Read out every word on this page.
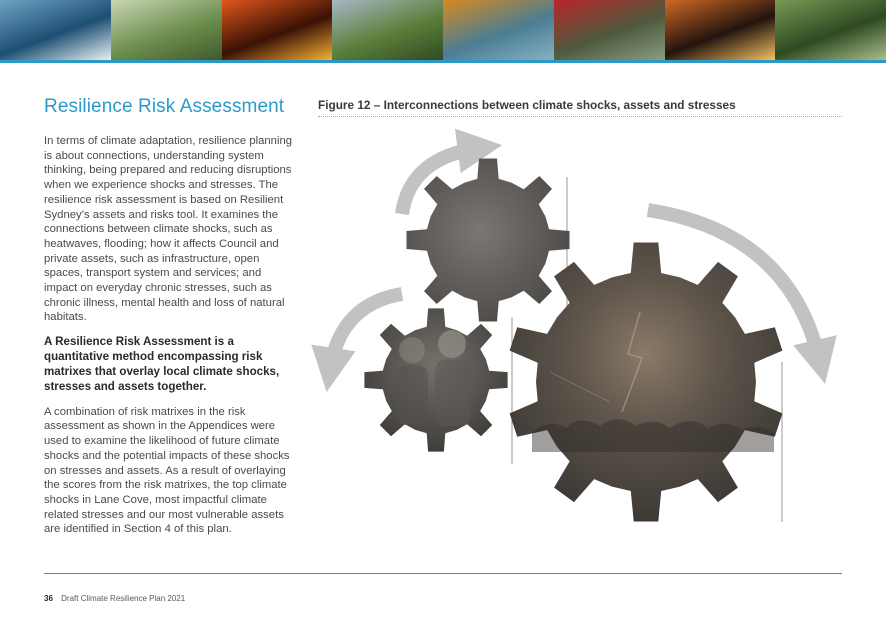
Resilience Risk Assessment

In terms of climate adaptation, resilience planning is about connections, understanding system thinking, being prepared and reducing disruptions when we experience shocks and stresses. The resilience risk assessment is based on Resilient Sydney’s assets and risks tool. It examines the connections between climate shocks, such as heatwaves, flooding; how it affects Council and private assets, such as infrastructure, open spaces, transport system and services; and impact on everyday chronic stresses, such as chronic illness, mental health and loss of natural habitats.

A Resilience Risk Assessment is a quantitative method encompassing risk matrixes that overlay local climate shocks, stresses and assets together.

A combination of risk matrixes in the risk assessment as shown in the Appendices were used to examine the likelihood of future climate shocks and the potential impacts of these shocks on stresses and assets. As a result of overlaying the scores from the risk matrixes, the top climate shocks in Lane Cove, most impactful climate related stresses and our most vulnerable assets are identified in Section 4 of this plan.

Figure 12 – Interconnections between climate shocks, assets and stresses
36 Draft Climate Resilience Plan 2021
